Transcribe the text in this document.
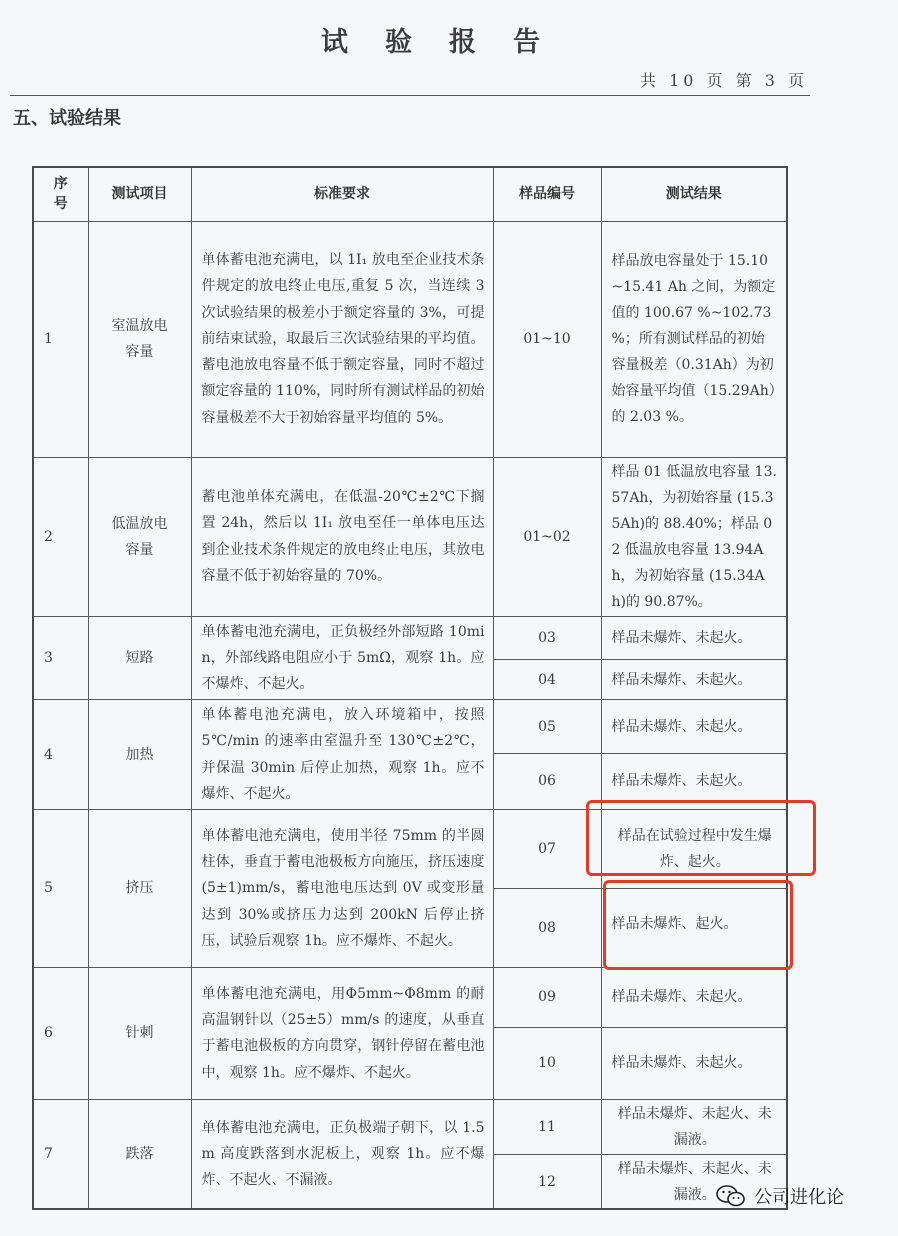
试验报告
共 10 页 第 3 页
五、试验结果
序号	测试项目	标准要求	样品编号	测试结果
1	室温放电容量	单体蓄电池充满电，以 1I₁ 放电至企业技术条件规定的放电终止电压,重复 5 次，当连续 3 次试验结果的极差小于额定容量的 3%，可提前结束试验，取最后三次试验结果的平均值。蓄电池放电容量不低于额定容量，同时不超过额定容量的 110%，同时所有测试样品的初始容量极差不大于初始容量平均值的 5%。	01~10	样品放电容量处于 15.10~15.41 Ah 之间，为额定值的 100.67 %~102.73 %；所有测试样品的初始容量极差（0.31Ah）为初始容量平均值（15.29Ah）的 2.03 %。
2	低温放电容量	蓄电池单体充满电，在低温-20℃±2℃下搁置 24h，然后以 1I₁ 放电至任一单体电压达到企业技术条件规定的放电终止电压，其放电容量不低于初始容量的 70%。	01~02	样品 01 低温放电容量 13.57Ah，为初始容量 (15.35Ah)的 88.40%；样品 02 低温放电容量 13.94Ah，为初始容量 (15.34Ah)的 90.87%。
3	短路	单体蓄电池充满电，正负极经外部短路 10min，外部线路电阻应小于 5mΩ，观察 1h。应不爆炸、不起火。	03	样品未爆炸、未起火。
			04	样品未爆炸、未起火。
4	加热	单体蓄电池充满电，放入环境箱中，按照 5℃/min 的速率由室温升至 130℃±2℃，并保温 30min 后停止加热，观察 1h。应不爆炸、不起火。	05	样品未爆炸、未起火。
			06	样品未爆炸、未起火。
5	挤压	单体蓄电池充满电，使用半径 75mm 的半圆柱体，垂直于蓄电池极板方向施压，挤压速度(5±1)mm/s，蓄电池电压达到 0V 或变形量达到 30%或挤压力达到 200kN 后停止挤压，试验后观察 1h。应不爆炸、不起火。	07	样品在试验过程中发生爆炸、起火。
			08	样品未爆炸、起火。
6	针刺	单体蓄电池充满电，用Φ5mm~Φ8mm 的耐高温钢针以（25±5）mm/s 的速度，从垂直于蓄电池极板的方向贯穿，钢针停留在蓄电池中，观察 1h。应不爆炸、不起火。	09	样品未爆炸、未起火。
			10	样品未爆炸、未起火。
7	跌落	单体蓄电池充满电，正负极端子朝下，以 1.5m 高度跌落到水泥板上，观察 1h。应不爆炸、不起火、不漏液。	11	样品未爆炸、未起火、未漏液。
			12	样品未爆炸、未起火、未漏液。 公司进化论
